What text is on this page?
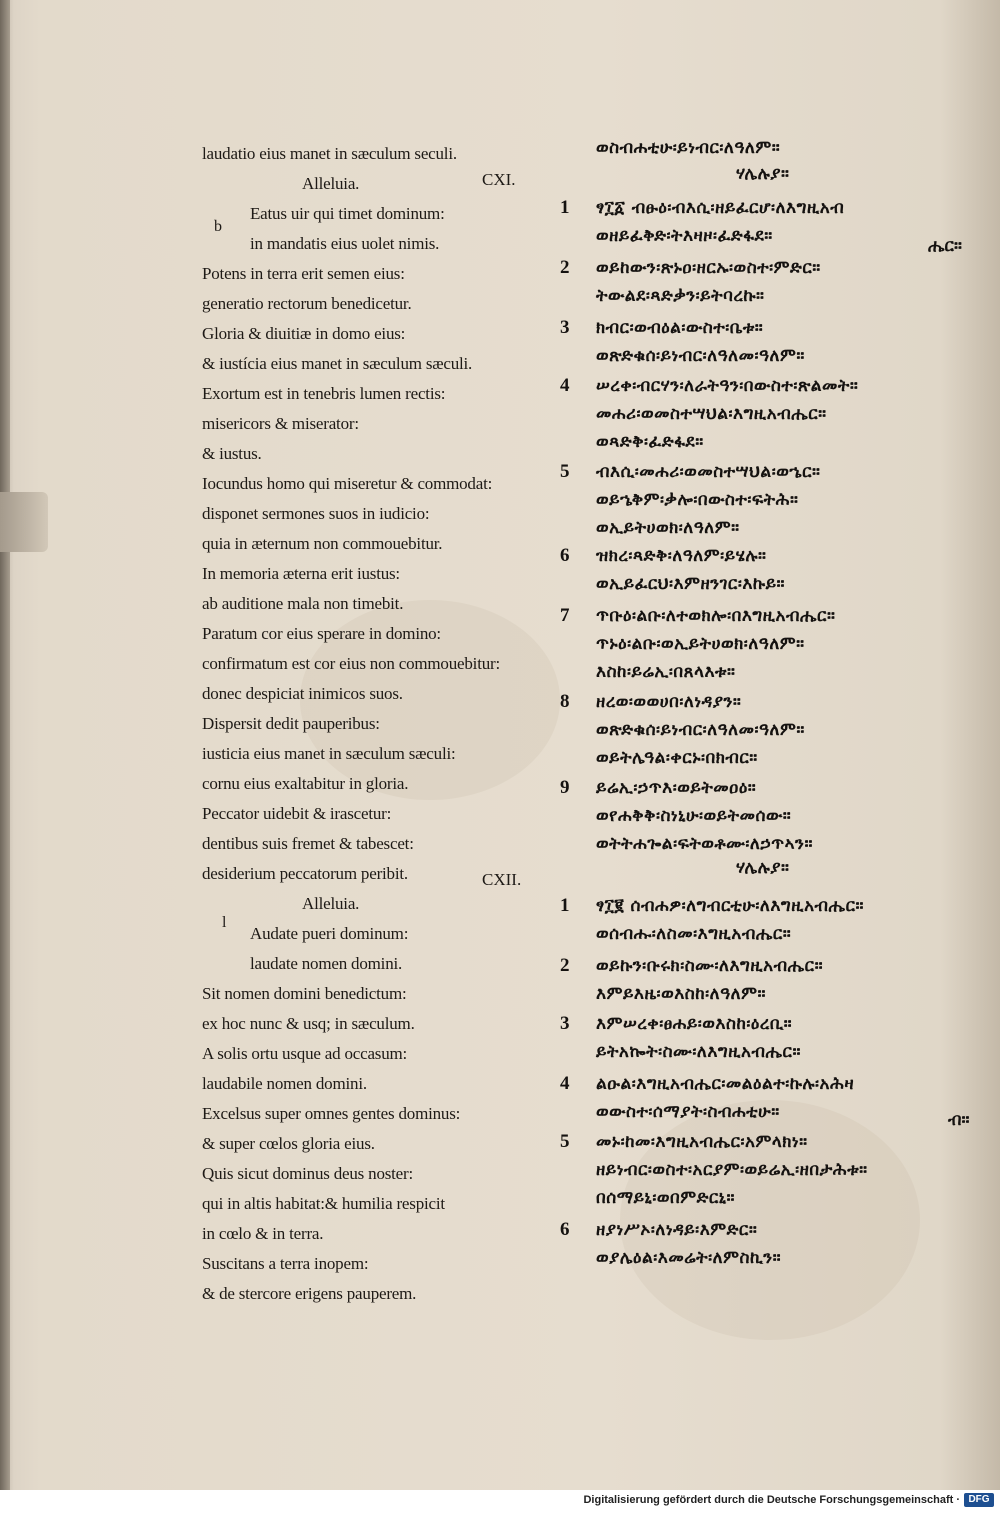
laudatio eius manet in sæculum seculi.
Alleluia.
Eatus uir qui timet dominum:
in mandatis eius uolet nimis.
Potens in terra erit semen eius:
generatio rectorum benedicetur.
Gloria & diuitiæ in domo eius:
& iustícia eius manet in sæculum sæculi.
Exortum est in tenebris lumen rectis:
misericors & miserator:
& iustus.
Iocundus homo qui miseretur & commodat:
disponet sermones suos in iudicio:
quia in æternum non commouebitur.
In memoria æterna erit iustus:
ab auditione mala non timebit.
Paratum cor eius sperare in domino:
confirmatum est cor eius non commouebitur:
donec despiciat inimicos suos.
Dispersit dedit pauperibus:
iusticia eius manet in sæculum sæculi:
cornu eius exaltabitur in gloria.
Peccator uidebit & irascetur:
dentibus suis fremet & tabescet:
desiderium peccatorum peribit.
Alleluia.
Audate pueri dominum:
laudate nomen domini.
Sit nomen domini benedictum:
ex hoc nunc & usq; in sæculum.
A solis ortu usque ad occasum:
laudabile nomen domini.
Excelsus super omnes gentes dominus:
& super cœlos gloria eius.
Quis sicut dominus deus noster:
qui in altis habitat:& humilia respicit
in cœlo & in terra.
Suscitans a terra inopem:
& de stercore erigens pauperem.
CXI.
CXII.
b
l
ወስብሐቲሁ፡ይነብር፡ለዓለም።
ሃሌሉያ።
1 ፃ፲፩ ብፁዕ፡ብእሲ፡ዘይፈርሆ፡ለእግዚአብ
ወዘይፈቅድ፡ትእዛዞ፡ፈድፋደ።	ሔር።
2 ወይከውን፡ጽኑዐ፡ዘርኡ፡ወስተ፡ምድር።
ትውልደ፡ጻድቃን፡ይትባረኩ።
3 ክብር፡ወብዕል፡ውስተ፡ቤቱ።
ወጽድቁሰ፡ይነብር፡ለዓለመ፡ዓለም።
4 ሠረቀ፡ብርሃን፡ለራትዓን፡በውስተ፡ጽልመት።
መሐሪ፡ወመስተሣህል፡እግዚአብሔር።
ወጻድቅ፡ፈድፋደ።
5 ብእሲ፡መሐሪ፡ወመስተሣህል፡ወኄር።
ወይኄቅም፡ቃሎ፡በውስተ፡ፍትሕ።
ወኢይትሀወክ፡ለዓለም።
6 ዝክረ፡ጻድቅ፡ለዓለም፡ይሄሉ።
ወኢይፈርህ፡እምዘንገር፡እኩይ።
7 ጥቡዕ፡ልቡ፡ለተወክሎ፡በእግዚአብሔር።
ጥኑዕ፡ልቡ፡ወኢይትሀወክ፡ለዓለም።
እስከ፡ይሬኢ፡በጸላእቱ።
8 ዘረወ፡ወወሀበ፡ለነዳያን።
ወጽድቁሰ፡ይነብር፡ለዓለመ፡ዓለም።
ወይትሌዓል፡ቀርኑ፡በክብር።
9 ይሬኢ፡ኃጥእ፡ወይትመዐዕ።
ወየሐቅቅ፡ስነኒሁ፡ወይትመሰው።
ወትትሐጐል፡ፍትወቶሙ፡ለኃጥኣን።
ሃሌሉያ።
1 ፃ፲፪ ሰብሐዎ፡ለግብርቲሁ፡ለእግዚአብሔር።
ወሰብሑ፡ለስመ፡እግዚአብሔር።
2 ወይኩን፡ቡሩክ፡ስሙ፡ለእግዚአብሔር።
እምይእዜ፡ወእስከ፡ለዓለም።
3 እምሠረቀ፡ፀሐይ፡ወእስከ፡ዕረቢ።
ይትአኰት፡ስሙ፡ለእግዚአብሔር።
4 ልዑል፡እግዚአብሔር፡መልዕልተ፡ኩሉ፡አሕዛ
ወውስተ፡ሰማያት፡ስብሐቲሁ።	ብ።
5 መኑ፡ከመ፡እግዚአብሔር፡አምላክነ።
ዘይነብር፡ወስተ፡አርያም፡ወይሬኢ፡ዘበታሕቱ።
በሰማይኒ፡ወበምድርኒ።
6 ዘያነሥኦ፡ለነዳይ፡እምድር።
ወያሌዕል፡እመሬት፡ለምስኪን።
Digitalisierung gefördert durch die Deutsche Forschungsgemeinschaft · DFG
